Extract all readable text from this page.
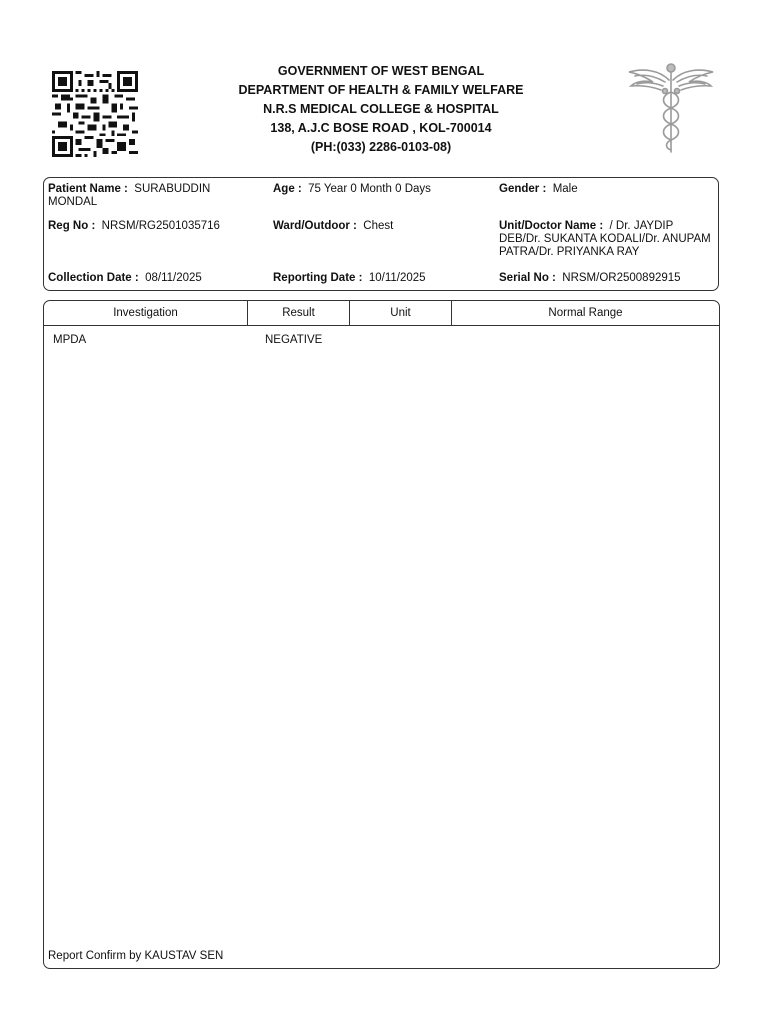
GOVERNMENT OF WEST BENGAL
DEPARTMENT OF HEALTH & FAMILY WELFARE
N.R.S MEDICAL COLLEGE & HOSPITAL
138, A.J.C BOSE ROAD , KOL-700014
(PH:(033) 2286-0103-08)
Patient Name : SURABUDDIN
MONDAL
Age : 75 Year 0 Month 0 Days	Gender : Male
Reg No : NRSM/RG2501035716	Ward/Outdoor : Chest	Unit/Doctor Name : / Dr. JAYDIP
DEB/Dr. SUKANTA KODALI/Dr. ANUPAM
PATRA/Dr. PRIYANKA RAY
Collection Date : 08/11/2025	Reporting Date : 10/11/2025	Serial No : NRSM/OR2500892915
Investigation	Result	Unit	Normal Range
MPDA	NEGATIVE
Report Confirm by KAUSTAV SEN
